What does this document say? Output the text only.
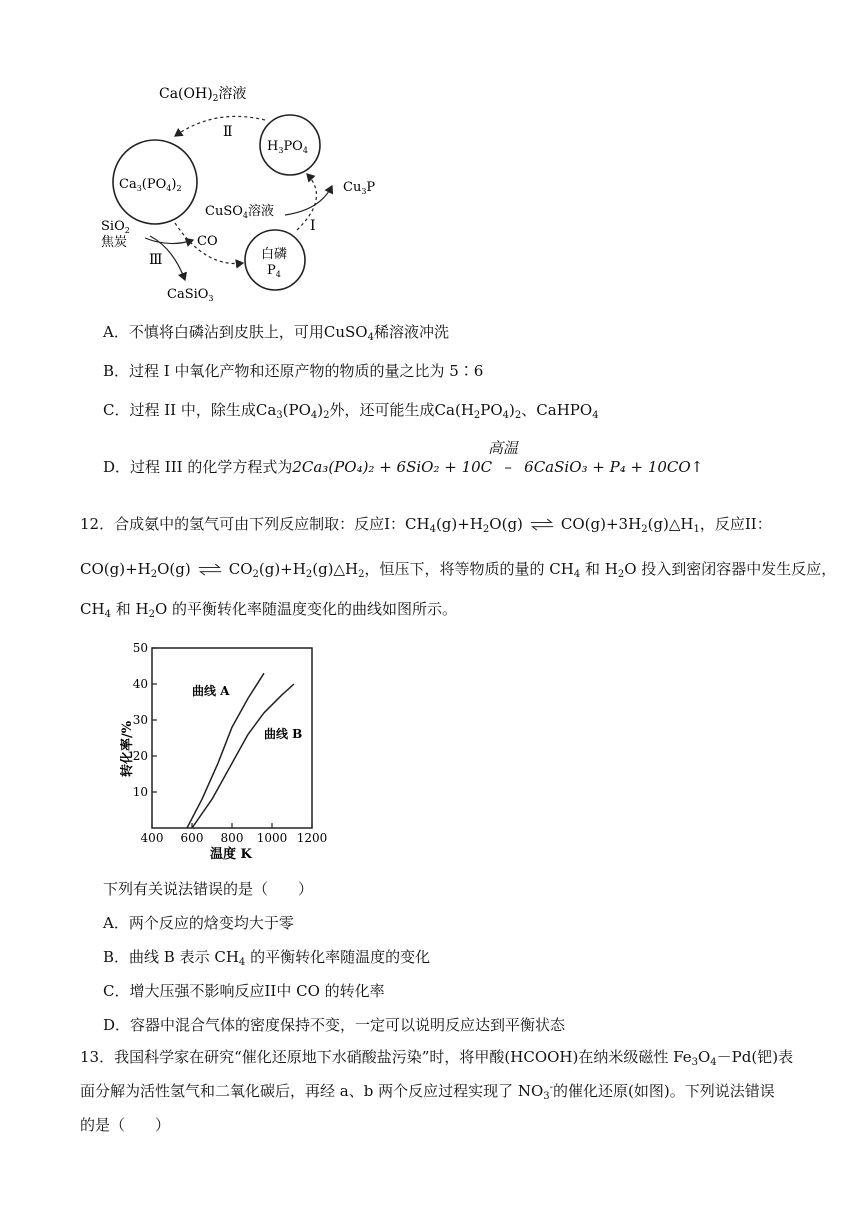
$Ca(OH)_2$溶液
Ⅱ
$H_3PO_4$
$Ca_3(PO_4)_2$	$Cu_3P$
CuSO$_4$溶液
Ⅰ
SiO$_2$
焦炭	CO
Ⅲ	白磷
$P_4$
CaSiO$_3$
A．不慎将白磷沾到皮肤上，可用CuSO$_4$稀溶液冲洗
B．过程 I 中氧化产物和还原产物的物质的量之比为 5∶6
C．过程 II 中，除生成$Ca_3(PO_4)_2$外，还可能生成$Ca(H_2PO_4)_2$、CaHPO$_4$
高温
D．过程 III 的化学方程式为2Ca₃(PO₄)₂ + 6SiO₂ + 10C – 6CaSiO₃ + P₄ + 10CO↑
12．合成氨中的氢气可由下列反应制取：反应I：$CH_4(g)+H_2O(g)$	$CO(g)+3H_2(g)\triangle H_1$，反应II：
$CO(g)+H_2O(g)$	$CO_2(g)+H_2(g)\triangle H_2$，恒压下，将等物质的量的 $CH_4$ 和 $H_2O$ 投入到密闭容器中发生反应，
$CH_4$ 和 $H_2O$ 的平衡转化率随温度变化的曲线如图所示。
10
20
30
40
50
400 600 800 1000 1200
曲线 A
曲线 B
转化率/%
温度 K
下列有关说法错误的是（　　）
A．两个反应的焓变均大于零
B．曲线 B 表示 $CH_4$ 的平衡转化率随温度的变化
C．增大压强不影响反应II中 CO 的转化率
D．容器中混合气体的密度保持不变，一定可以说明反应达到平衡状态
13．我国科学家在研究“催化还原地下水硝酸盐污染”时，将甲酸(HCOOH)在纳米级磁性 $Fe_3O_4-Pd$(钯)表
面分解为活性氢气和二氧化碳后，再经 a、b 两个反应过程实现了 $NO_3^-$的催化还原(如图)。下列说法错误
的是（　　）
